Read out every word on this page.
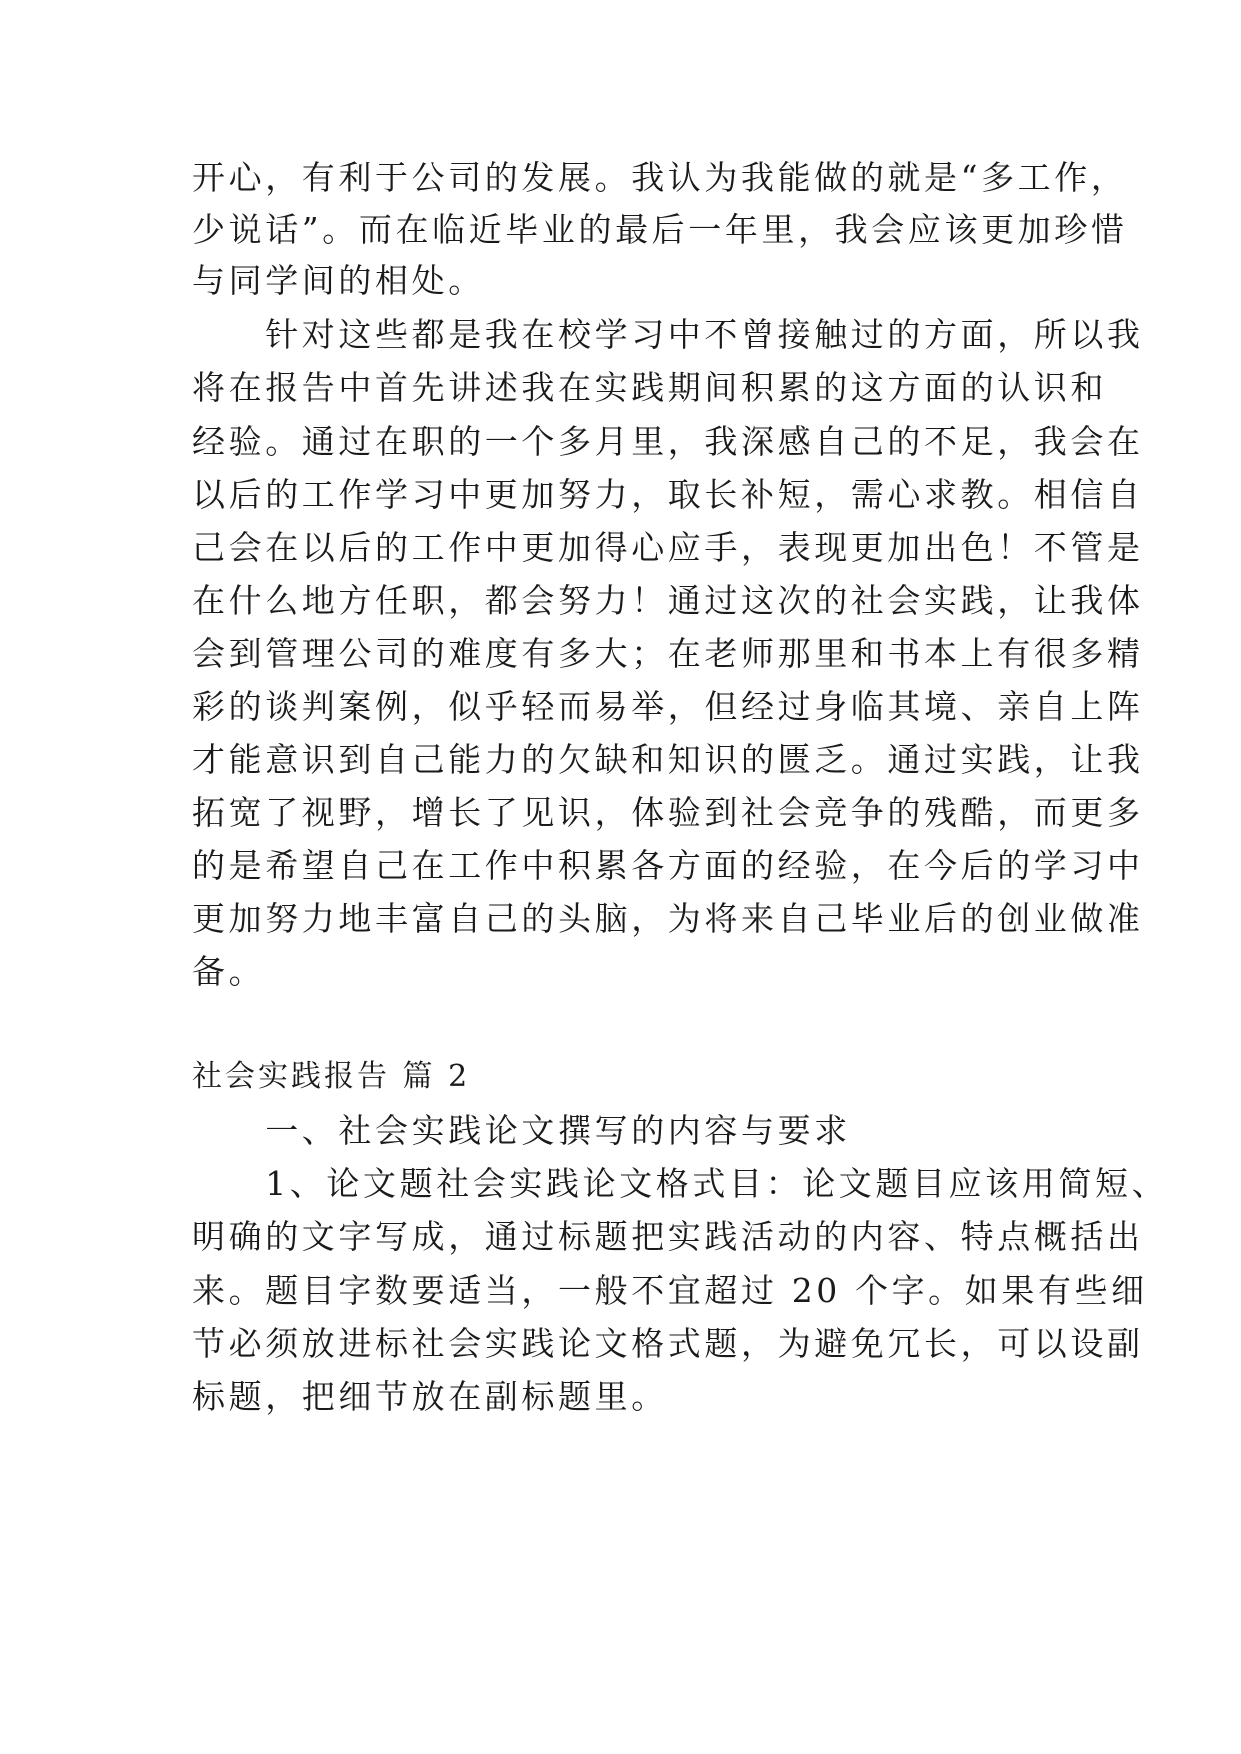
开心，有利于公司的发展。我认为我能做的就是“多工作，
少说话”。而在临近毕业的最后一年里，我会应该更加珍惜
与同学间的相处。
　　针对这些都是我在校学习中不曾接触过的方面，所以我
将在报告中首先讲述我在实践期间积累的这方面的认识和
经验。通过在职的一个多月里，我深感自己的不足，我会在
以后的工作学习中更加努力，取长补短，需心求教。相信自
己会在以后的工作中更加得心应手，表现更加出色！不管是
在什么地方任职，都会努力！通过这次的社会实践，让我体
会到管理公司的难度有多大；在老师那里和书本上有很多精
彩的谈判案例，似乎轻而易举，但经过身临其境、亲自上阵
才能意识到自己能力的欠缺和知识的匮乏。通过实践，让我
拓宽了视野，增长了见识，体验到社会竞争的残酷，而更多
的是希望自己在工作中积累各方面的经验，在今后的学习中
更加努力地丰富自己的头脑，为将来自己毕业后的创业做准
备。
社会实践报告 篇 2
　　一、社会实践论文撰写的内容与要求
　　1、论文题社会实践论文格式目：论文题目应该用简短、
明确的文字写成，通过标题把实践活动的内容、特点概括出
来。题目字数要适当，一般不宜超过 20 个字。如果有些细
节必须放进标社会实践论文格式题，为避免冗长，可以设副
标题，把细节放在副标题里。
